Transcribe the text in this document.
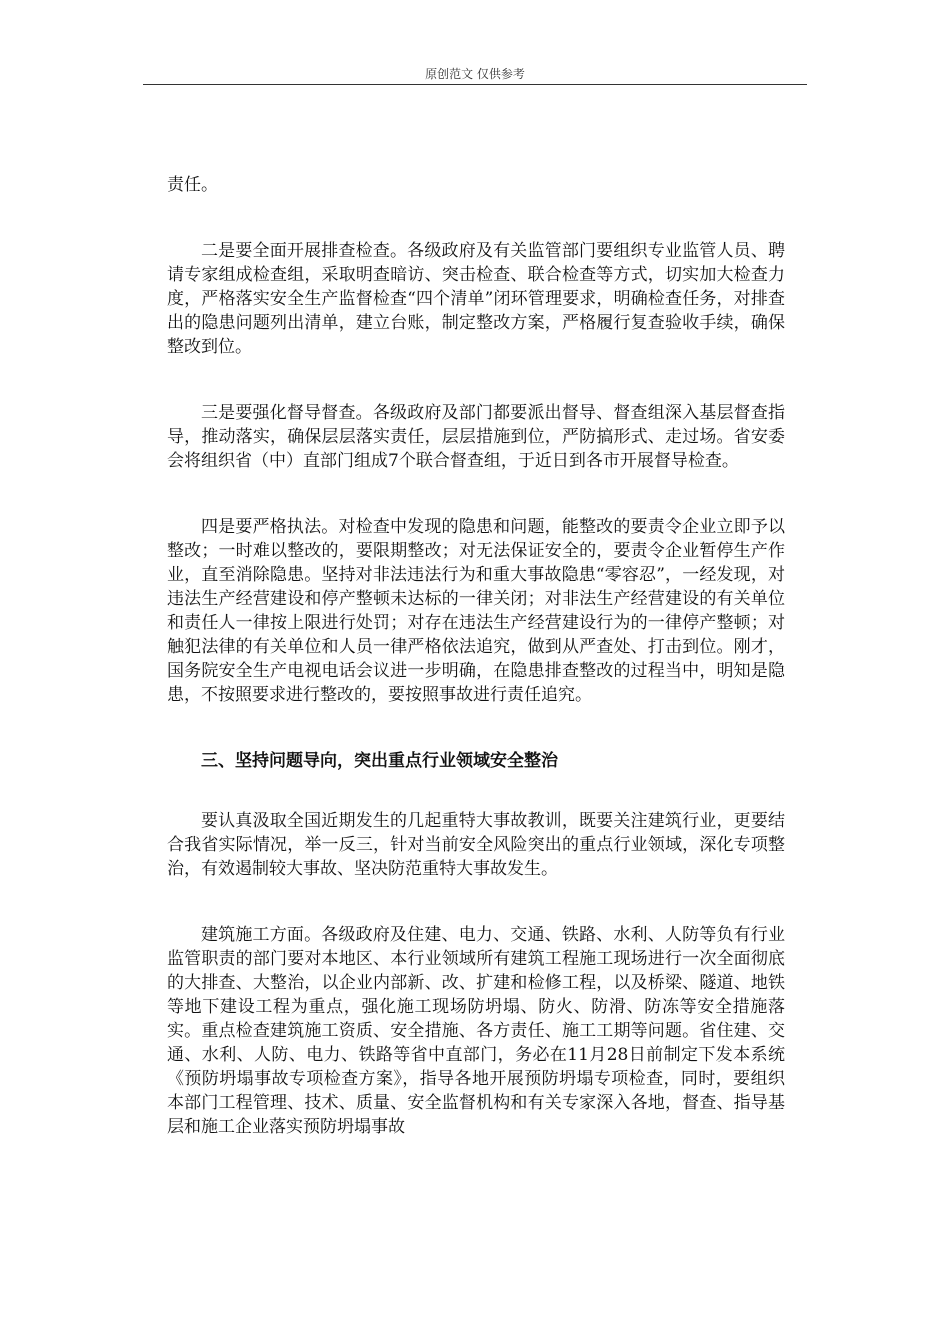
原创范文 仅供参考

责任。

二是要全面开展排查检查。各级政府及有关监管部门要组织专业监管人员、聘请专家组成检查组，采取明查暗访、突击检查、联合检查等方式，切实加大检查力度，严格落实安全生产监督检查“四个清单”闭环管理要求，明确检查任务，对排查出的隐患问题列出清单，建立台账，制定整改方案，严格履行复查验收手续，确保整改到位。

三是要强化督导督查。各级政府及部门都要派出督导、督查组深入基层督查指导，推动落实，确保层层落实责任，层层措施到位，严防搞形式、走过场。省安委会将组织省（中）直部门组成7个联合督查组，于近日到各市开展督导检查。

四是要严格执法。对检查中发现的隐患和问题，能整改的要责令企业立即予以整改；一时难以整改的，要限期整改；对无法保证安全的，要责令企业暂停生产作业，直至消除隐患。坚持对非法违法行为和重大事故隐患“零容忍”，一经发现，对违法生产经营建设和停产整顿未达标的一律关闭；对非法生产经营建设的有关单位和责任人一律按上限进行处罚；对存在违法生产经营建设行为的一律停产整顿；对触犯法律的有关单位和人员一律严格依法追究，做到从严查处、打击到位。刚才，国务院安全生产电视电话会议进一步明确，在隐患排查整改的过程当中，明知是隐患，不按照要求进行整改的，要按照事故进行责任追究。

三、坚持问题导向，突出重点行业领域安全整治

要认真汲取全国近期发生的几起重特大事故教训，既要关注建筑行业，更要结合我省实际情况，举一反三，针对当前安全风险突出的重点行业领域，深化专项整治，有效遏制较大事故、坚决防范重特大事故发生。

建筑施工方面。各级政府及住建、电力、交通、铁路、水利、人防等负有行业监管职责的部门要对本地区、本行业领域所有建筑工程施工现场进行一次全面彻底的大排查、大整治，以企业内部新、改、扩建和检修工程，以及桥梁、隧道、地铁等地下建设工程为重点，强化施工现场防坍塌、防火、防滑、防冻等安全措施落实。重点检查建筑施工资质、安全措施、各方责任、施工工期等问题。省住建、交通、水利、人防、电力、铁路等省中直部门，务必在11月28日前制定下发本系统《预防坍塌事故专项检查方案》，指导各地开展预防坍塌专项检查，同时，要组织本部门工程管理、技术、质量、安全监督机构和有关专家深入各地，督查、指导基层和施工企业落实预防坍塌事故
